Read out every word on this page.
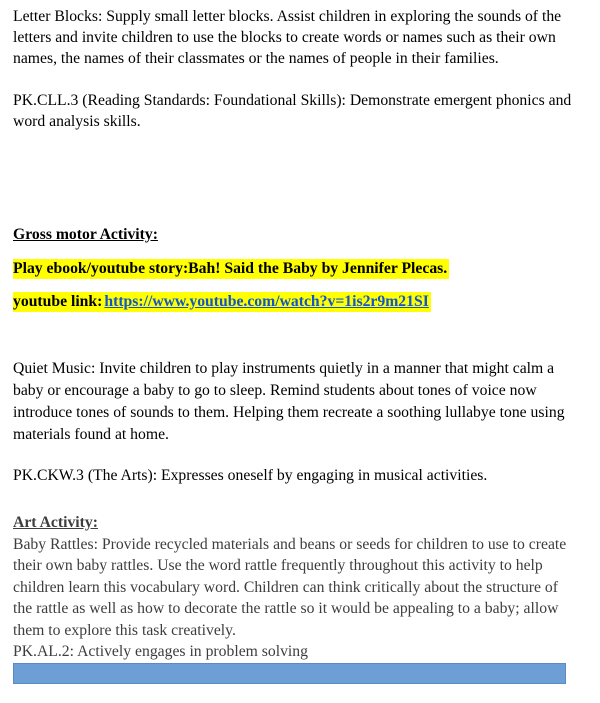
Letter Blocks: Supply small letter blocks. Assist children in exploring the sounds of the letters and invite children to use the blocks to create words or names such as their own names, the names of their classmates or the names of people in their families.

PK.CLL.3 (Reading Standards: Foundational Skills): Demonstrate emergent phonics and word analysis skills.

Gross motor Activity:

Play ebook/youtube story:Bah! Said the Baby by Jennifer Plecas.

youtube link: https://www.youtube.com/watch?v=1is2r9m21SI

Quiet Music: Invite children to play instruments quietly in a manner that might calm a baby or encourage a baby to go to sleep. Remind students about tones of voice now introduce tones of sounds to them. Helping them recreate a soothing lullabye tone using materials found at home.

PK.CKW.3 (The Arts): Expresses oneself by engaging in musical activities.

Art Activity:

Baby Rattles: Provide recycled materials and beans or seeds for children to use to create their own baby rattles. Use the word rattle frequently throughout this activity to help children learn this vocabulary word. Children can think critically about the structure of the rattle as well as how to decorate the rattle so it would be appealing to a baby; allow them to explore this task creatively.

PK.AL.2: Actively engages in problem solving
